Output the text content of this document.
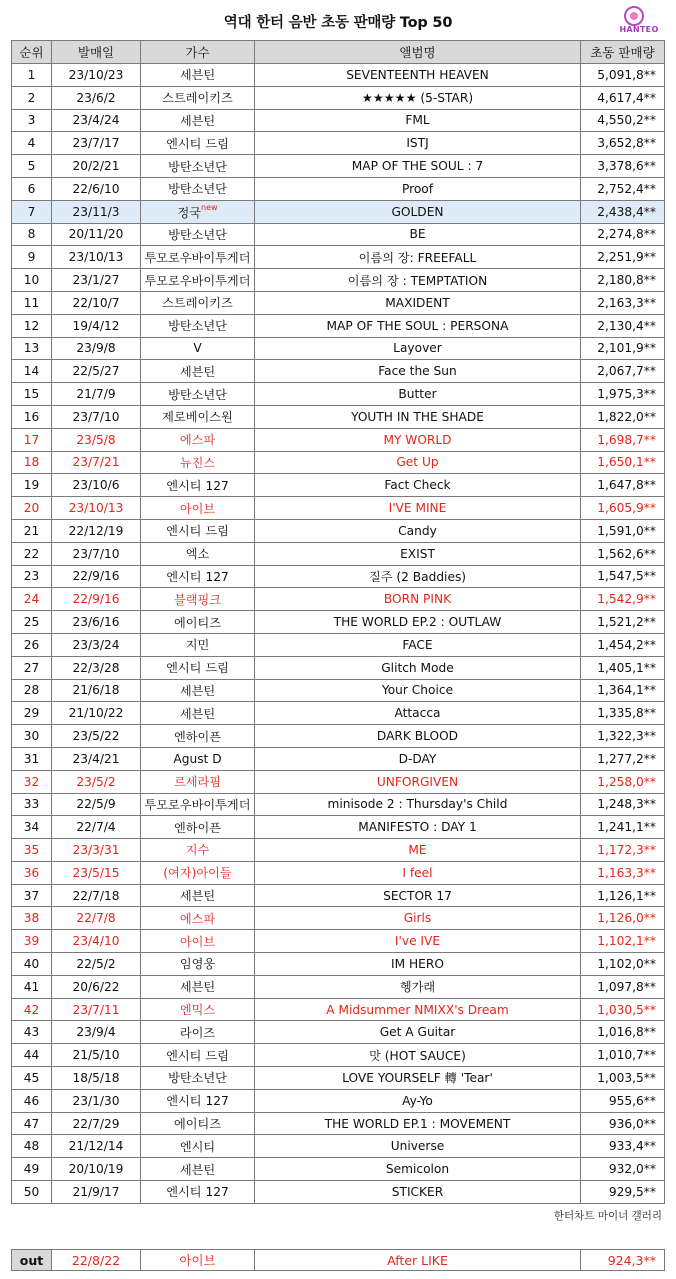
역대 한터 음반 초동 판매량 Top 50	HANTEO
순위	발매일	가수	앨범명	초동 판매량
1	23/10/23	세븐틴	SEVENTEENTH HEAVEN	5,091,8**
2	23/6/2	스트레이키즈	★★★★★ (5-STAR)	4,617,4**
3	23/4/24	세븐틴	FML	4,550,2**
4	23/7/17	엔시티 드림	ISTJ	3,652,8**
5	20/2/21	방탄소년단	MAP OF THE SOUL : 7	3,378,6**
6	22/6/10	방탄소년단	Proof	2,752,4**
7	23/11/3	정국$^{new}$	GOLDEN	2,438,4**
8	20/11/20	방탄소년단	BE	2,274,8**
9	23/10/13	투모로우바이투게더	이름의 장: FREEFALL	2,251,9**
10	23/1/27	투모로우바이투게더	이름의 장 : TEMPTATION	2,180,8**
11	22/10/7	스트레이키즈	MAXIDENT	2,163,3**
12	19/4/12	방탄소년단	MAP OF THE SOUL : PERSONA	2,130,4**
13	23/9/8	V	Layover	2,101,9**
14	22/5/27	세븐틴	Face the Sun	2,067,7**
15	21/7/9	방탄소년단	Butter	1,975,3**
16	23/7/10	제로베이스원	YOUTH IN THE SHADE	1,822,0**
17	23/5/8	에스파	MY WORLD	1,698,7**
18	23/7/21	뉴진스	Get Up	1,650,1**
19	23/10/6	엔시티 127	Fact Check	1,647,8**
20	23/10/13	아이브	I'VE MINE	1,605,9**
21	22/12/19	엔시티 드림	Candy	1,591,0**
22	23/7/10	엑소	EXIST	1,562,6**
23	22/9/16	엔시티 127	질주 (2 Baddies)	1,547,5**
24	22/9/16	블랙핑크	BORN PINK	1,542,9**
25	23/6/16	에이티즈	THE WORLD EP.2 : OUTLAW	1,521,2**
26	23/3/24	지민	FACE	1,454,2**
27	22/3/28	엔시티 드림	Glitch Mode	1,405,1**
28	21/6/18	세븐틴	Your Choice	1,364,1**
29	21/10/22	세븐틴	Attacca	1,335,8**
30	23/5/22	엔하이픈	DARK BLOOD	1,322,3**
31	23/4/21	Agust D	D-DAY	1,277,2**
32	23/5/2	르세라핌	UNFORGIVEN	1,258,0**
33	22/5/9	투모로우바이투게더	minisode 2 : Thursday's Child	1,248,3**
34	22/7/4	엔하이픈	MANIFESTO : DAY 1	1,241,1**
35	23/3/31	지수	ME	1,172,3**
36	23/5/15	(여자)아이들	I feel	1,163,3**
37	22/7/18	세븐틴	SECTOR 17	1,126,1**
38	22/7/8	에스파	Girls	1,126,0**
39	23/4/10	아이브	I've IVE	1,102,1**
40	22/5/2	임영웅	IM HERO	1,102,0**
41	20/6/22	세븐틴	헹가래	1,097,8**
42	23/7/11	엔믹스	A Midsummer NMIXX's Dream	1,030,5**
43	23/9/4	라이즈	Get A Guitar	1,016,8**
44	21/5/10	엔시티 드림	맛 (HOT SAUCE)	1,010,7**
45	18/5/18	방탄소년단	LOVE YOURSELF 轉 'Tear'	1,003,5**
46	23/1/30	엔시티 127	Ay-Yo	955,6**
47	22/7/29	에이티즈	THE WORLD EP.1 : MOVEMENT	936,0**
48	21/12/14	엔시티	Universe	933,4**
49	20/10/19	세븐틴	Semicolon	932,0**
50	21/9/17	엔시티 127	STICKER	929,5**
한터차트 마이너 갤러리
out	22/8/22	아이브	After LIKE	924,3**
